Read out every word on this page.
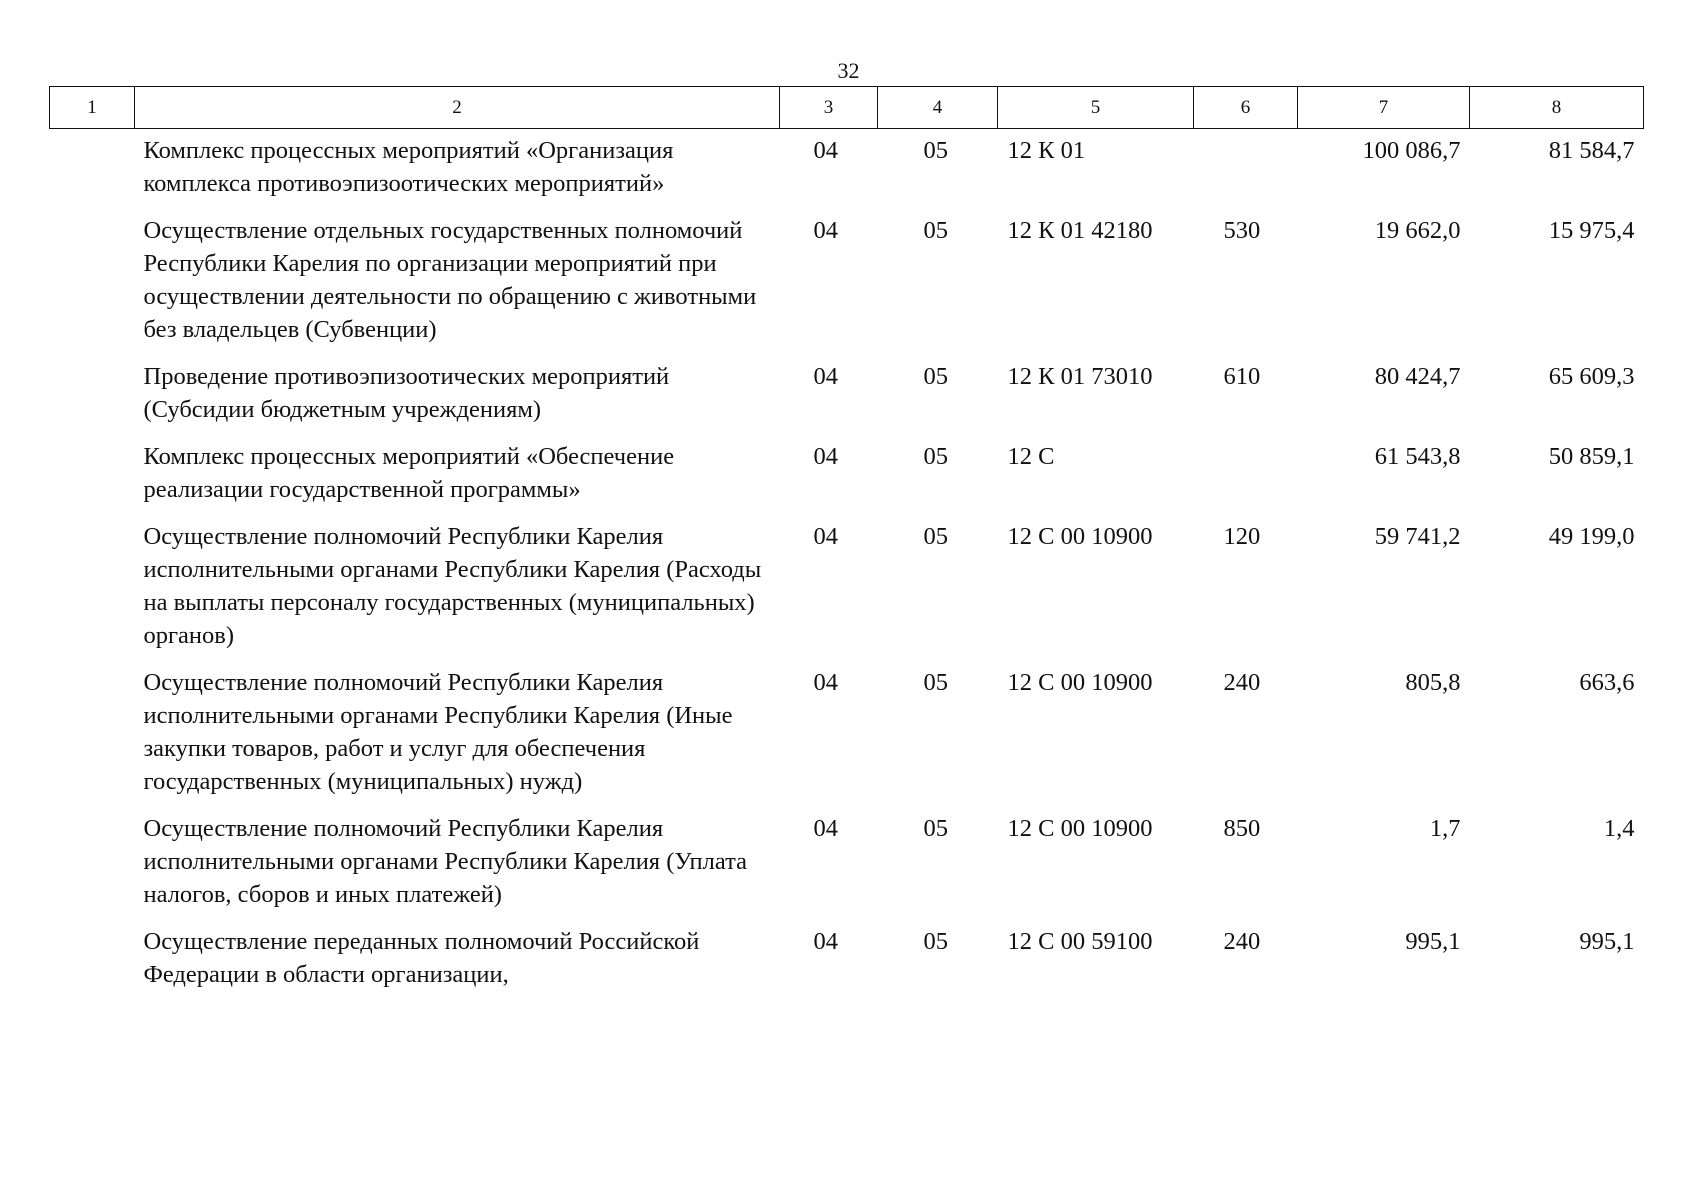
32
1	2	3	4	5	6	7	8
	Комплекс процессных мероприятий «Организация комплекса противоэпизоотических мероприятий»	04	05	12 К 01		100 086,7	81 584,7
	Осуществление отдельных государственных полномочий Республики Карелия по организации мероприятий при осуществлении деятельности по обращению с животными без владельцев (Субвенции)	04	05	12 К 01 42180	530	19 662,0	15 975,4
	Проведение противоэпизоотических мероприятий (Субсидии бюджетным учреждениям)	04	05	12 К 01 73010	610	80 424,7	65 609,3
	Комплекс процессных мероприятий «Обеспечение реализации государственной программы»	04	05	12 С		61 543,8	50 859,1
	Осуществление полномочий Республики Карелия исполнительными органами Республики Карелия (Расходы на выплаты персоналу государственных (муниципальных) органов)	04	05	12 С 00 10900	120	59 741,2	49 199,0
	Осуществление полномочий Республики Карелия исполнительными органами Республики Карелия (Иные закупки товаров, работ и услуг для обеспечения государственных (муниципальных) нужд)	04	05	12 С 00 10900	240	805,8	663,6
	Осуществление полномочий Республики Карелия исполнительными органами Республики Карелия (Уплата налогов, сборов и иных платежей)	04	05	12 С 00 10900	850	1,7	1,4
	Осуществление переданных полномочий Российской Федерации в области организации,	04	05	12 С 00 59100	240	995,1	995,1
